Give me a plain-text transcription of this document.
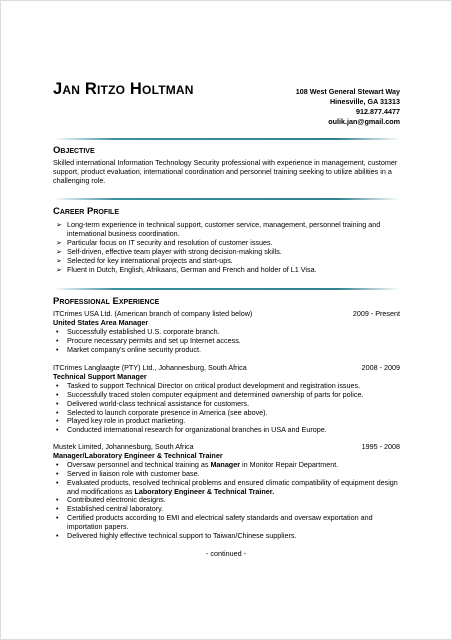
Jan Ritzo Holtman	108 West General Stewart Way
Hinesville, GA 31313
912.877.4477
oulik.jan@gmail.com
Objective
Skilled international Information Technology Security professional with experience in management, customer support, product evaluation, international coordination and personnel training seeking to utilize abilities in a challenging role.
Career Profile
➢ Long-term experience in technical support, customer service, management, personnel training and international business coordination.
➢ Particular focus on IT security and resolution of customer issues.
➢ Self-driven, effective team player with strong decision-making skills.
➢ Selected for key international projects and start-ups.
➢ Fluent in Dutch, English, Afrikaans, German and French and holder of L1 Visa.
Professional Experience
ITCrimes USA Ltd. (American branch of company listed below)	2009 - Present
United States Area Manager
• Successfully established U.S. corporate branch.
• Procure necessary permits and set up Internet access.
• Market company's online security product.
ITCrimes Langlaagte (PTY) Ltd., Johannesburg, South Africa	2008 - 2009
Technical Support Manager
• Tasked to support Technical Director on critical product development and registration issues.
• Successfully traced stolen computer equipment and determined ownership of parts for police.
• Delivered world-class technical assistance for customers.
• Selected to launch corporate presence in America (see above).
• Played key role in product marketing.
• Conducted international research for organizational branches in USA and Europe.
Mustek Limited, Johannesburg, South Africa	1995 - 2008
Manager/Laboratory Engineer & Technical Trainer
• Oversaw personnel and technical training as Manager in Monitor Repair Department.
• Served in liaison role with customer base.
• Evaluated products, resolved technical problems and ensured climatic compatibility of equipment design and modifications as Laboratory Engineer & Technical Trainer.
• Contributed electronic designs.
• Established central laboratory.
• Certified products according to EMI and electrical safety standards and oversaw exportation and importation papers.
• Delivered highly effective technical support to Taiwan/Chinese suppliers.
- continued -
